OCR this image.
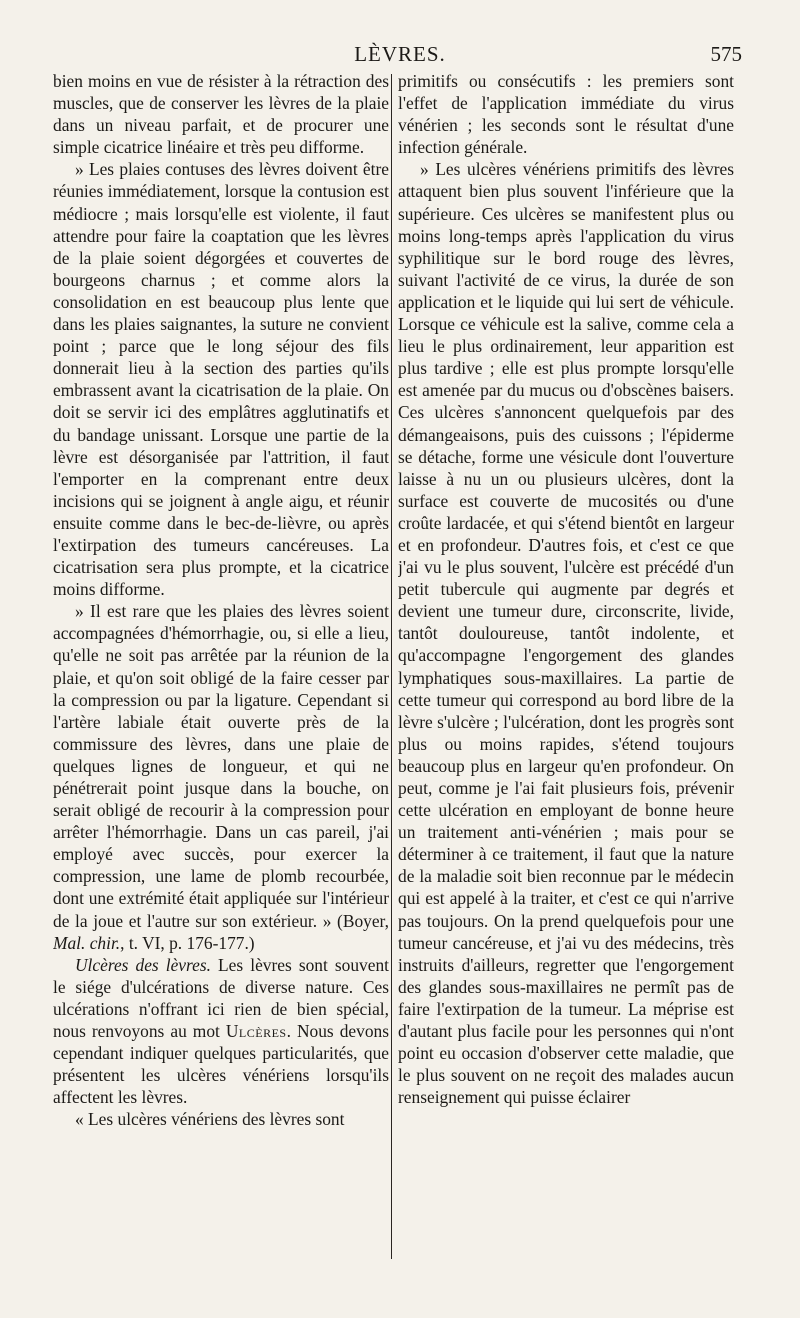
LÈVRES.	575

bien moins en vue de résister à la rétraction des muscles, que de conserver les lèvres de la plaie dans un niveau parfait, et de procurer une simple cicatrice linéaire et très peu difforme.

» Les plaies contuses des lèvres doivent être réunies immédiatement, lorsque la contusion est médiocre ; mais lorsqu'elle est violente, il faut attendre pour faire la coaptation que les lèvres de la plaie soient dégorgées et couvertes de bourgeons charnus ; et comme alors la consolidation en est beaucoup plus lente que dans les plaies saignantes, la suture ne convient point ; parce que le long séjour des fils donnerait lieu à la section des parties qu'ils embrassent avant la cicatrisation de la plaie. On doit se servir ici des emplâtres agglutinatifs et du bandage unissant. Lorsque une partie de la lèvre est désorganisée par l'attrition, il faut l'emporter en la comprenant entre deux incisions qui se joignent à angle aigu, et réunir ensuite comme dans le bec-de-lièvre, ou après l'extirpation des tumeurs cancéreuses. La cicatrisation sera plus prompte, et la cicatrice moins difforme.

» Il est rare que les plaies des lèvres soient accompagnées d'hémorrhagie, ou, si elle a lieu, qu'elle ne soit pas arrêtée par la réunion de la plaie, et qu'on soit obligé de la faire cesser par la compression ou par la ligature. Cependant si l'artère labiale était ouverte près de la commissure des lèvres, dans une plaie de quelques lignes de longueur, et qui ne pénétrerait point jusque dans la bouche, on serait obligé de recourir à la compression pour arrêter l'hémorrhagie. Dans un cas pareil, j'ai employé avec succès, pour exercer la compression, une lame de plomb recourbée, dont une extrémité était appliquée sur l'intérieur de la joue et l'autre sur son extérieur. » (Boyer, Mal. chir., t. VI, p. 176-177.)

Ulcères des lèvres. Les lèvres sont souvent le siége d'ulcérations de diverse nature. Ces ulcérations n'offrant ici rien de bien spécial, nous renvoyons au mot Ulcères. Nous devons cependant indiquer quelques particularités, que présentent les ulcères vénériens lorsqu'ils affectent les lèvres.

« Les ulcères vénériens des lèvres sont

primitifs ou consécutifs : les premiers sont l'effet de l'application immédiate du virus vénérien ; les seconds sont le résultat d'une infection générale.

» Les ulcères vénériens primitifs des lèvres attaquent bien plus souvent l'inférieure que la supérieure. Ces ulcères se manifestent plus ou moins long-temps après l'application du virus syphilitique sur le bord rouge des lèvres, suivant l'activité de ce virus, la durée de son application et le liquide qui lui sert de véhicule. Lorsque ce véhicule est la salive, comme cela a lieu le plus ordinairement, leur apparition est plus tardive ; elle est plus prompte lorsqu'elle est amenée par du mucus ou d'obscènes baisers. Ces ulcères s'annoncent quelquefois par des démangeaisons, puis des cuissons ; l'épiderme se détache, forme une vésicule dont l'ouverture laisse à nu un ou plusieurs ulcères, dont la surface est couverte de mucosités ou d'une croûte lardacée, et qui s'étend bientôt en largeur et en profondeur. D'autres fois, et c'est ce que j'ai vu le plus souvent, l'ulcère est précédé d'un petit tubercule qui augmente par degrés et devient une tumeur dure, circonscrite, livide, tantôt douloureuse, tantôt indolente, et qu'accompagne l'engorgement des glandes lymphatiques sous-maxillaires. La partie de cette tumeur qui correspond au bord libre de la lèvre s'ulcère ; l'ulcération, dont les progrès sont plus ou moins rapides, s'étend toujours beaucoup plus en largeur qu'en profondeur. On peut, comme je l'ai fait plusieurs fois, prévenir cette ulcération en employant de bonne heure un traitement anti-vénérien ; mais pour se déterminer à ce traitement, il faut que la nature de la maladie soit bien reconnue par le médecin qui est appelé à la traiter, et c'est ce qui n'arrive pas toujours. On la prend quelquefois pour une tumeur cancéreuse, et j'ai vu des médecins, très instruits d'ailleurs, regretter que l'engorgement des glandes sous-maxillaires ne permît pas de faire l'extirpation de la tumeur. La méprise est d'autant plus facile pour les personnes qui n'ont point eu occasion d'observer cette maladie, que le plus souvent on ne reçoit des malades aucun renseignement qui puisse éclairer
